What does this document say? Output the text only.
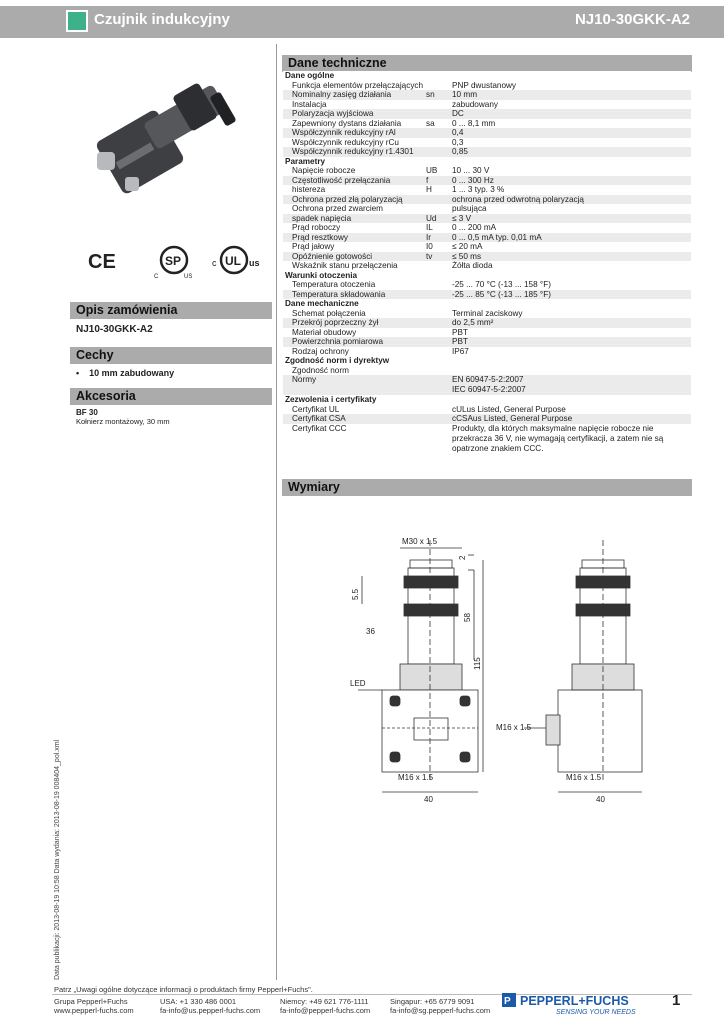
Czujnik indukcyjny	NJ10-30GKK-A2
CE	SP
C	US
c UL us
Opis zamówienia
NJ10-30GKK-A2
Cechy
•    10 mm zabudowany
Akcesoria
BF 30
Kołnierz montażowy, 30 mm
Dane techniczne
Dane ogólne
Funkcja elementów przełączających	PNP dwustanowy
Nominalny zasięg działania	sn	10 mm
Instalacja	zabudowany
Polaryzacja wyjściowa	DC
Zapewniony dystans działania	sa	0 ... 8,1 mm
Współczynnik redukcyjny rAl	0,4
Współczynnik redukcyjny rCu	0,3
Współczynnik redukcyjny r1.4301	0,85
Parametry
Napięcie robocze	UB	10 ... 30 V
Częstotliwość przełączania	f	0 ... 300 Hz
histereza	H	1 ... 3 typ. 3 %
Ochrona przed złą polaryzacją	ochrona przed odwrotną polaryzacją
Ochrona przed zwarciem	pulsująca
spadek napięcia	Ud	≤ 3 V
Prąd roboczy	IL	0 ... 200 mA
Prąd resztkowy	Ir	0 ... 0,5 mA typ. 0,01 mA
Prąd jałowy	I0	≤ 20 mA
Opóźnienie gotowości	tv	≤ 50 ms
Wskaźnik stanu przełączenia	Żółta dioda
Warunki otoczenia
Temperatura otoczenia	-25 ... 70 °C (-13 ... 158 °F)
Temperatura składowania	-25 ... 85 °C (-13 ... 185 °F)
Dane mechaniczne
Schemat połączenia	Terminal zaciskowy
Przekrój poprzeczny żył	do 2,5 mm²
Materiał obudowy	PBT
Powierzchnia pomiarowa	PBT
Rodzaj ochrony	IP67
Zgodność norm i dyrektyw
Zgodność norm
Normy	EN 60947-5-2:2007
IEC 60947-5-2:2007
Zezwolenia i certyfikaty
Certyfikat UL	cULus Listed, General Purpose
Certyfikat CSA	cCSAus Listed, General Purpose
Certyfikat CCC	Produkty, dla których maksymalne napięcie robocze nie przekracza 36 V, nie wymagają certyfikacji, a zatem nie są opatrzone znakiem CCC.
Wymiary
M30 x 1.5
2
5.5
58
115
36
LED
M16 x 1.5
40
M16 x 1.5
M16 x 1.5
40
Data publikacji: 2013-08-19 10:58 Data wydania: 2013-08-19 008404_pol.xml
Patrz „Uwagi ogólne dotyczące informacji o produktach firmy Pepperl+Fuchs".
Grupa Pepperl+Fuchs
www.pepperl-fuchs.com
USA: +1 330 486 0001
fa-info@us.pepperl-fuchs.com
Niemcy: +49 621 776-1111
fa-info@pepperl-fuchs.com
Singapur: +65 6779 9091
fa-info@sg.pepperl-fuchs.com
P PEPPERL+FUCHS
SENSING YOUR NEEDS
1
